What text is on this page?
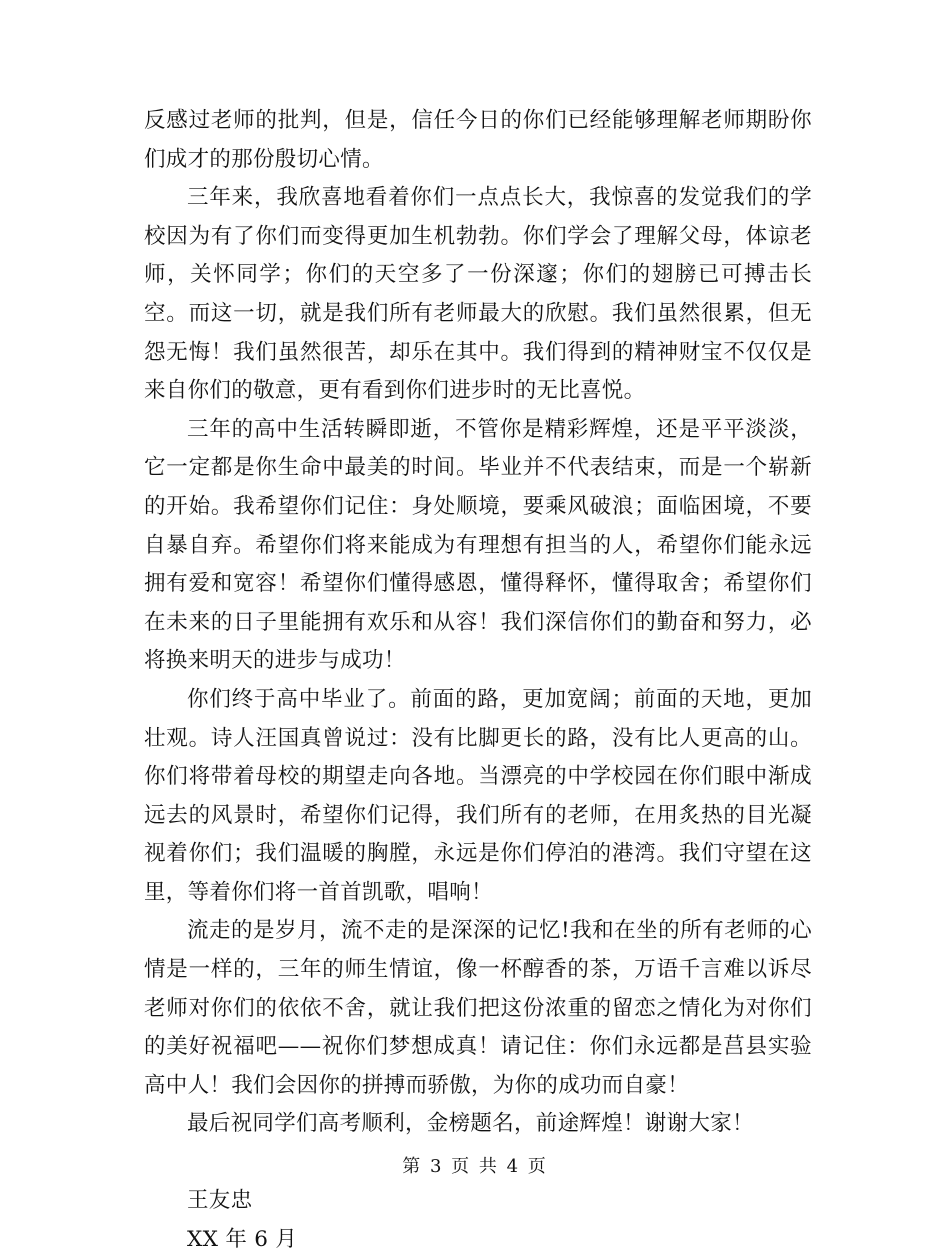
反感过老师的批判，但是，信任今日的你们已经能够理解老师期盼你们成才的那份殷切心情。

三年来，我欣喜地看着你们一点点长大，我惊喜的发觉我们的学校因为有了你们而变得更加生机勃勃。你们学会了理解父母，体谅老师，关怀同学；你们的天空多了一份深邃；你们的翅膀已可搏击长空。而这一切，就是我们所有老师最大的欣慰。我们虽然很累，但无怨无悔！我们虽然很苦，却乐在其中。我们得到的精神财宝不仅仅是来自你们的敬意，更有看到你们进步时的无比喜悦。

三年的高中生活转瞬即逝，不管你是精彩辉煌，还是平平淡淡，它一定都是你生命中最美的时间。毕业并不代表结束，而是一个崭新的开始。我希望你们记住：身处顺境，要乘风破浪；面临困境，不要自暴自弃。希望你们将来能成为有理想有担当的人，希望你们能永远拥有爱和宽容！希望你们懂得感恩，懂得释怀，懂得取舍；希望你们在未来的日子里能拥有欢乐和从容！我们深信你们的勤奋和努力，必将换来明天的进步与成功！

你们终于高中毕业了。前面的路，更加宽阔；前面的天地，更加壮观。诗人汪国真曾说过：没有比脚更长的路，没有比人更高的山。你们将带着母校的期望走向各地。当漂亮的中学校园在你们眼中渐成远去的风景时，希望你们记得，我们所有的老师，在用炙热的目光凝视着你们；我们温暖的胸膛，永远是你们停泊的港湾。我们守望在这里，等着你们将一首首凯歌，唱响！

流走的是岁月，流不走的是深深的记忆!我和在坐的所有老师的心情是一样的，三年的师生情谊，像一杯醇香的茶，万语千言难以诉尽老师对你们的依依不舍，就让我们把这份浓重的留恋之情化为对你们的美好祝福吧——祝你们梦想成真！请记住：你们永远都是莒县实验高中人！我们会因你的拼搏而骄傲，为你的成功而自豪！

最后祝同学们高考顺利，金榜题名，前途辉煌！谢谢大家！

王友忠

XX 年 6 月

第 3 页 共 4 页
